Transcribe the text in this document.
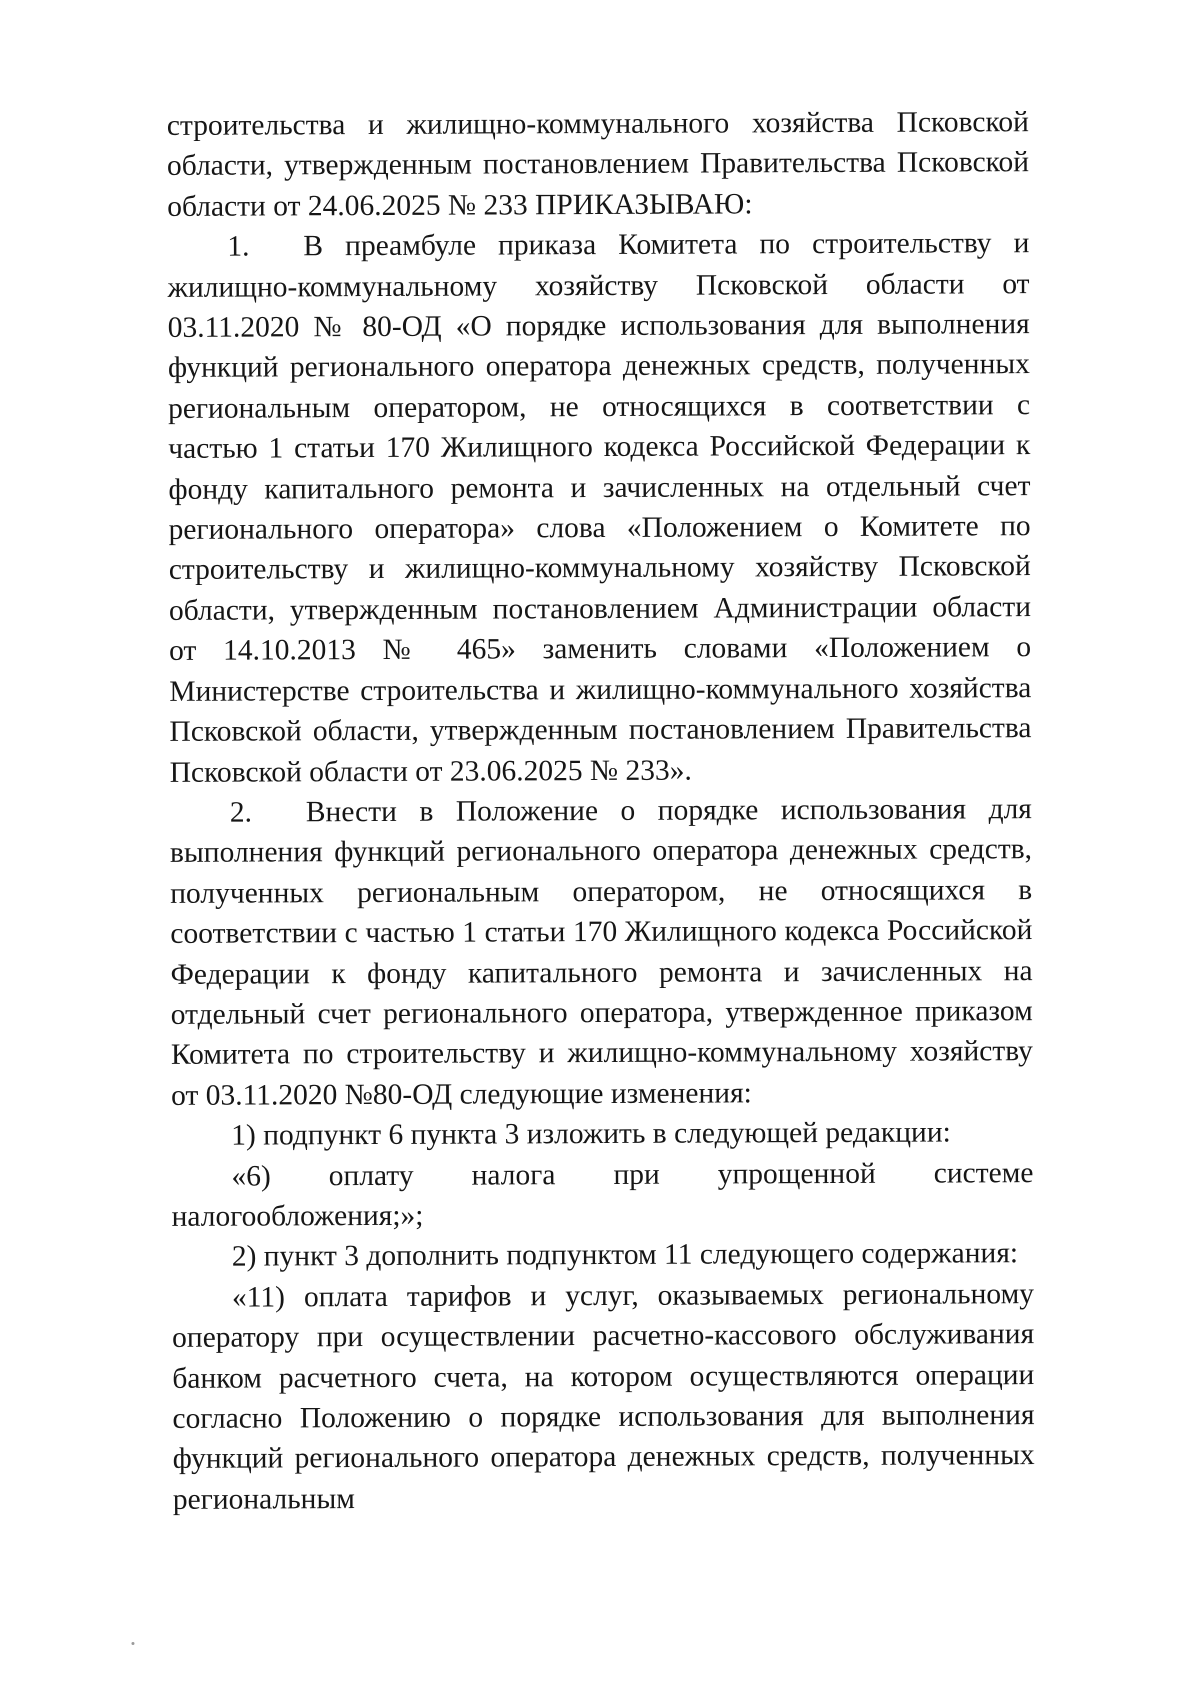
строительства и жилищно-коммунального хозяйства Псковской области, утвержденным постановлением Правительства Псковской области от 24.06.2025 № 233 ПРИКАЗЫВАЮ:

1. В преамбуле приказа Комитета по строительству и жилищно-коммунальному хозяйству Псковской области от 03.11.2020 № 80-ОД «О порядке использования для выполнения функций регионального оператора денежных средств, полученных региональным оператором, не относящихся в соответствии с частью 1 статьи 170 Жилищного кодекса Российской Федерации к фонду капитального ремонта и зачисленных на отдельный счет регионального оператора» слова «Положением о Комитете по строительству и жилищно-коммунальному хозяйству Псковской области, утвержденным постановлением Администрации области от 14.10.2013 № 465» заменить словами «Положением о Министерстве строительства и жилищно-коммунального хозяйства Псковской области, утвержденным постановлением Правительства Псковской области от 23.06.2025 № 233».

2. Внести в Положение о порядке использования для выполнения функций регионального оператора денежных средств, полученных региональным оператором, не относящихся в соответствии с частью 1 статьи 170 Жилищного кодекса Российской Федерации к фонду капитального ремонта и зачисленных на отдельный счет регионального оператора, утвержденное приказом Комитета по строительству и жилищно-коммунальному хозяйству от 03.11.2020 №80-ОД следующие изменения:

1) подпункт 6 пункта 3 изложить в следующей редакции:

«6) оплату налога при упрощенной системе налогообложения;»;

2) пункт 3 дополнить подпунктом 11 следующего содержания:

«11) оплата тарифов и услуг, оказываемых региональному оператору при осуществлении расчетно-кассового обслуживания банком расчетного счета, на котором осуществляются операции согласно Положению о порядке использования для выполнения функций регионального оператора денежных средств, полученных региональным
